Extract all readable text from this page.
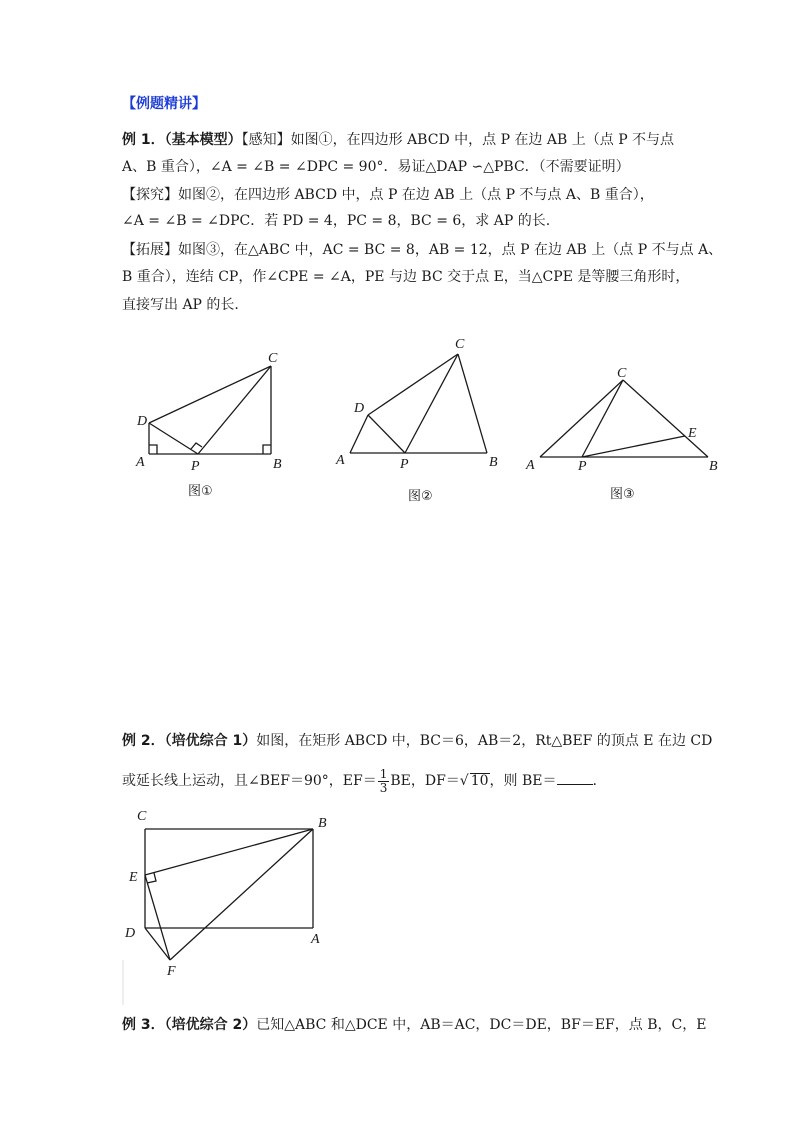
【例题精讲】
例 1．（基本模型）【感知】如图①，在四边形 ABCD 中，点 P 在边 AB 上（点 P 不与点
A、B 重合），∠A = ∠B = ∠DPC = 90°．易证△DAP ∽△PBC．（不需要证明）
【探究】如图②，在四边形 ABCD 中，点 P 在边 AB 上（点 P 不与点 A、B 重合），
∠A = ∠B = ∠DPC．若 PD = 4，PC = 8，BC = 6，求 AP 的长.
【拓展】如图③，在△ABC 中，AC = BC = 8，AB = 12，点 P 在边 AB 上（点 P 不与点 A、
B 重合），连结 CP，作∠CPE = ∠A，PE 与边 BC 交于点 E，当△CPE 是等腰三角形时，
直接写出 AP 的长.
A	B
C
D
P	A	B
C
D
P	A	B
C
E
P
C	B
E
D	A
F
图①	图②	图③
例 2．（培优综合 1）如图，在矩形 ABCD 中，BC＝6，AB＝2，Rt△BEF 的顶点 E 在边 CD
或延长线上运动，且∠BEF＝90°，$EF= \frac{1}{3}$ BE，DF＝√ 10，则 BE＝	.
例 3．（培优综合 2）已知△ABC 和△DCE 中，AB＝AC，DC＝DE，BF＝EF，点 B，C，E
